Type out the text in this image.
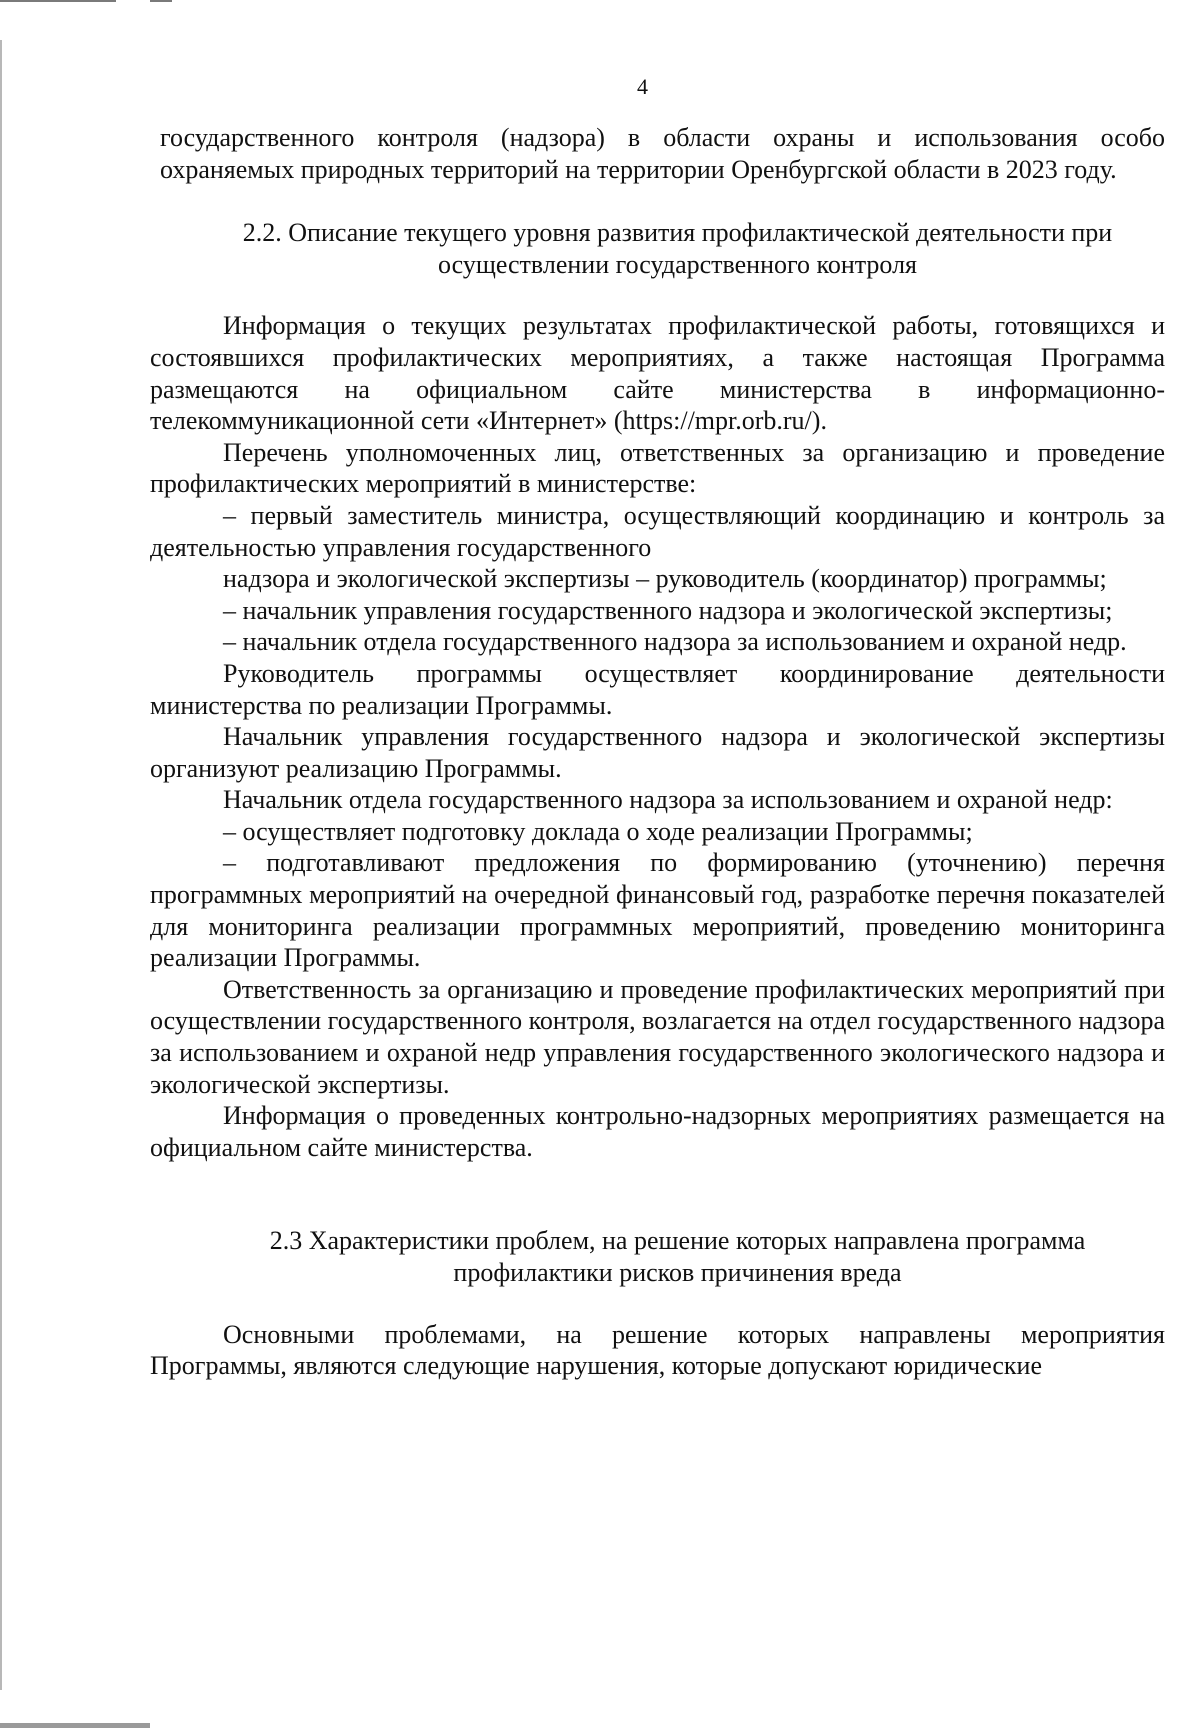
4

государственного контроля (надзора) в области охраны и использования особо охраняемых природных территорий на территории Оренбургской области в 2023 году.

2.2. Описание текущего уровня развития профилактической деятельности при осуществлении государственного контроля

Информация о текущих результатах профилактической работы, готовящихся и состоявшихся профилактических мероприятиях, а также настоящая Программа размещаются на официальном сайте министерства в информационно-телекоммуникационной сети «Интернет» (https://mpr.orb.ru/).

Перечень уполномоченных лиц, ответственных за организацию и проведение профилактических мероприятий в министерстве:

– первый заместитель министра, осуществляющий координацию и контроль за деятельностью управления государственного

надзора и экологической экспертизы – руководитель (координатор) программы;

– начальник управления государственного надзора и экологической экспертизы;

– начальник отдела государственного надзора за использованием и охраной недр.

Руководитель программы осуществляет координирование деятельности министерства по реализации Программы.

Начальник управления государственного надзора и экологической экспертизы организуют реализацию Программы.

Начальник отдела государственного надзора за использованием и охраной недр:

– осуществляет подготовку доклада о ходе реализации Программы;

– подготавливают предложения по формированию (уточнению) перечня программных мероприятий на очередной финансовый год, разработке перечня показателей для мониторинга реализации программных мероприятий, проведению мониторинга реализации Программы.

Ответственность за организацию и проведение профилактических мероприятий при осуществлении государственного контроля, возлагается на отдел государственного надзора за использованием и охраной недр управления государственного экологического надзора и экологической экспертизы.

Информация о проведенных контрольно-надзорных мероприятиях размещается на официальном сайте министерства.

2.3 Характеристики проблем, на решение которых направлена программа профилактики рисков причинения вреда

Основными проблемами, на решение которых направлены мероприятия Программы, являются следующие нарушения, которые допускают юридические
